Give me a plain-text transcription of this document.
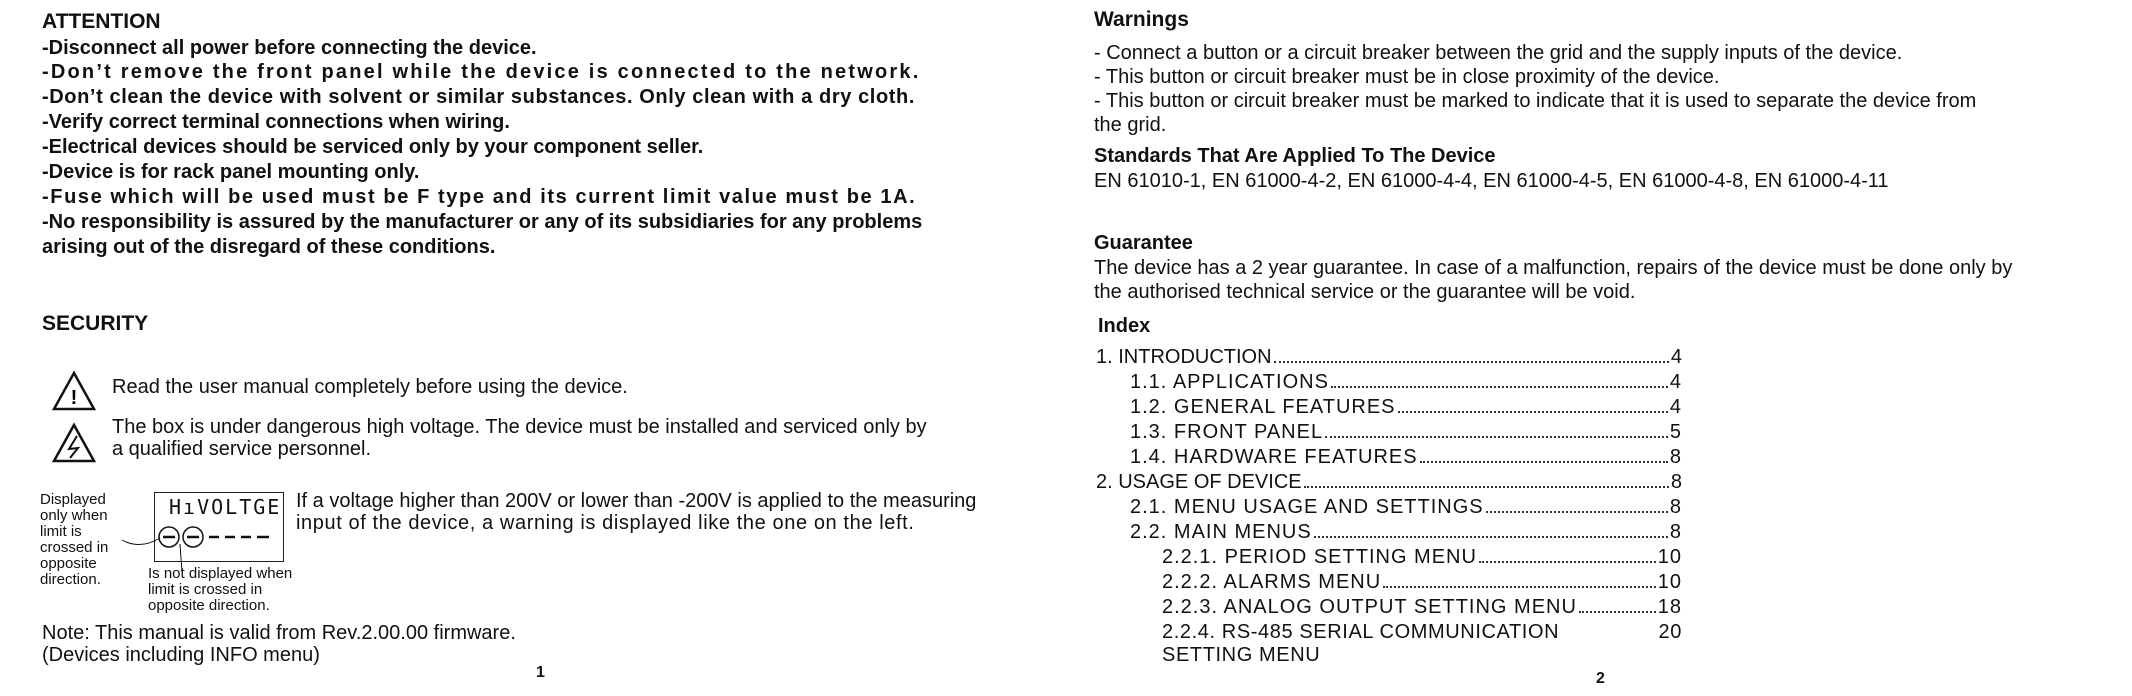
ATTENTION
-Disconnect all power before connecting the device.
-Don’t remove the front panel while the device is connected to the network.
-Don’t clean the device with solvent or similar substances. Only clean with a dry cloth.
-Verify correct terminal connections when wiring.
-Electrical devices should be serviced only by your component seller.
-Device is for rack panel mounting only.
-Fuse which will be used must be F type and its current limit value must be 1A.
-No responsibility is assured by the manufacturer or any of its subsidiaries for any problems
arising out of the disregard of these conditions.
SECURITY
! Read the user manual completely before using the device.
The box is under dangerous high voltage. The device must be installed and serviced only by
a qualified service personnel.
Displayed only when limit is crossed in opposite direction.
HıVOLTGE
Is not displayed when limit is crossed in opposite direction.
If a voltage higher than 200V or lower than -200V is applied to the measuring
input of the device, a warning is displayed like the one on the left.
Note: This manual is valid from Rev.2.00.00 firmware.
(Devices including INFO menu)
1
Warnings
- Connect a button or a circuit breaker between the grid and the supply inputs of the device.
- This button or circuit breaker must be in close proximity of the device.
- This button or circuit breaker must be marked to indicate that it is used to separate the device from
the grid.
Standards That Are Applied To The Device
EN 61010-1, EN 61000-4-2, EN 61000-4-4, EN 61000-4-5, EN 61000-4-8, EN 61000-4-11
Guarantee
The device has a 2 year guarantee. In case of a malfunction, repairs of the device must be done only by
the authorised technical service or the guarantee will be void.
Index
1. INTRODUCTION	4
1.1. APPLICATIONS	4
1.2. GENERAL FEATURES	4
1.3. FRONT PANEL	5
1.4. HARDWARE FEATURES	8
2. USAGE OF DEVICE	8
2.1. MENU USAGE AND SETTINGS	8
2.2. MAIN MENUS	8
2.2.1. PERIOD SETTING MENU	10
2.2.2. ALARMS MENU	10
2.2.3. ANALOG OUTPUT SETTING MENU	18
2.2.4. RS-485 SERIAL COMMUNICATION SETTING MENU
20
2
